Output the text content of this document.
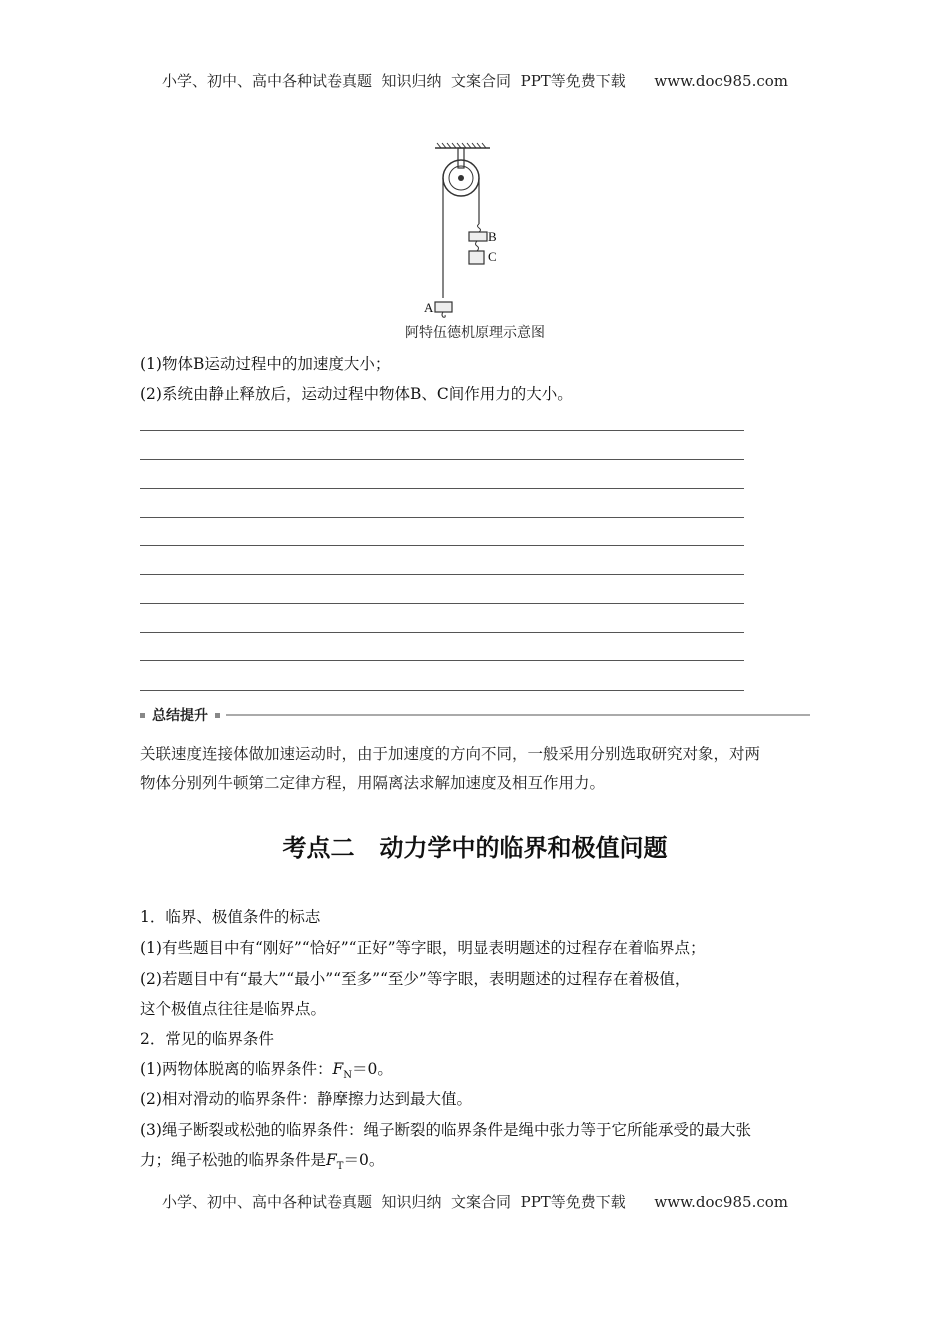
小学、初中、高中各种试卷真题  知识归纳  文案合同  PPT等免费下载      www.doc985.com
B
C
A
阿特伍德机原理示意图
(1)物体B运动过程中的加速度大小；
(2)系统由静止释放后，运动过程中物体B、C间作用力的大小。
总结提升
关联速度连接体做加速运动时，由于加速度的方向不同，一般采用分别选取研究对象，对两
物体分别列牛顿第二定律方程，用隔离法求解加速度及相互作用力。
考点二   动力学中的临界和极值问题
1．临界、极值条件的标志
(1)有些题目中有“刚好”“恰好”“正好”等字眼，明显表明题述的过程存在着临界点；
(2)若题目中有“最大”“最小”“至多”“至少”等字眼，表明题述的过程存在着极值，
这个极值点往往是临界点。
2．常见的临界条件
(1)两物体脱离的临界条件：$F_N=0$。
(2)相对滑动的临界条件：静摩擦力达到最大值。
(3)绳子断裂或松弛的临界条件：绳子断裂的临界条件是绳中张力等于它所能承受的最大张
力；绳子松弛的临界条件是$F_T=0$。
小学、初中、高中各种试卷真题  知识归纳  文案合同  PPT等免费下载      www.doc985.com
